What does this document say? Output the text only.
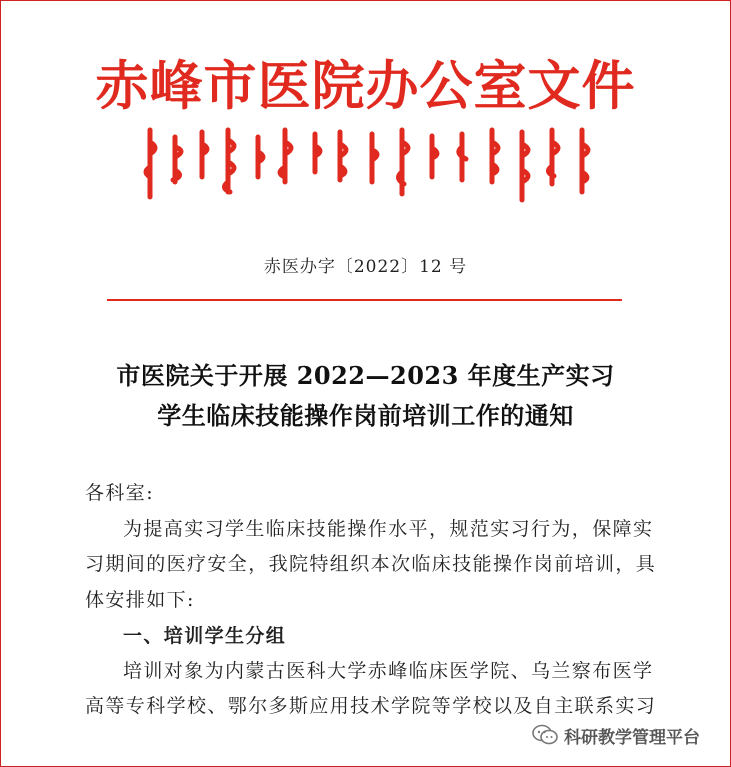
赤峰市医院办公室文件
赤医办字〔2022〕12 号
市医院关于开展 2022—2023 年度生产实习
学生临床技能操作岗前培训工作的通知
各科室:
为提高实习学生临床技能操作水平，规范实习行为，保障实
习期间的医疗安全，我院特组织本次临床技能操作岗前培训，具
体安排如下:
一、培训学生分组
培训对象为内蒙古医科大学赤峰临床医学院、乌兰察布医学
高等专科学校、鄂尔多斯应用技术学院等学校以及自主联系实习
科研教学管理平台
